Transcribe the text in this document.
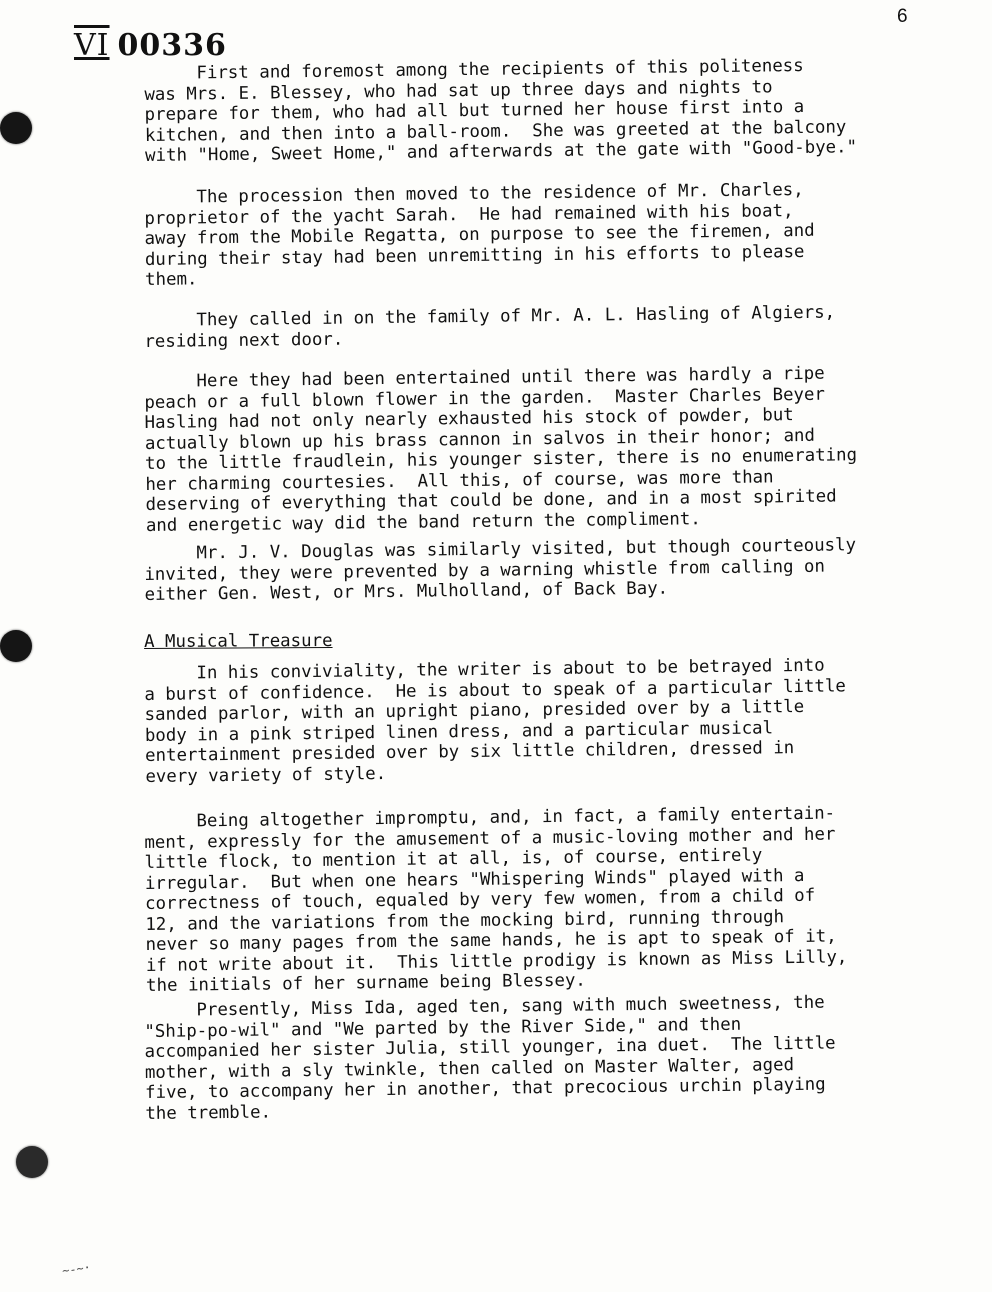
6
VI 00336
First and foremost among the recipients of this politeness
was Mrs. E. Blessey, who had sat up three days and nights to
prepare for them, who had all but turned her house first into a
kitchen, and then into a ball-room.  She was greeted at the balcony
with "Home, Sweet Home," and afterwards at the gate with "Good-bye."
The procession then moved to the residence of Mr. Charles,
proprietor of the yacht Sarah.  He had remained with his boat,
away from the Mobile Regatta, on purpose to see the firemen, and
during their stay had been unremitting in his efforts to please
them.
They called in on the family of Mr. A. L. Hasling of Algiers,
residing next door.
Here they had been entertained until there was hardly a ripe
peach or a full blown flower in the garden.  Master Charles Beyer
Hasling had not only nearly exhausted his stock of powder, but
actually blown up his brass cannon in salvos in their honor; and
to the little fraudlein, his younger sister, there is no enumerating
her charming courtesies.  All this, of course, was more than
deserving of everything that could be done, and in a most spirited
and energetic way did the band return the compliment.
Mr. J. V. Douglas was similarly visited, but though courteously
invited, they were prevented by a warning whistle from calling on
either Gen. West, or Mrs. Mulholland, of Back Bay.
A Musical Treasure
In his conviviality, the writer is about to be betrayed into
a burst of confidence.  He is about to speak of a particular little
sanded parlor, with an upright piano, presided over by a little
body in a pink striped linen dress, and a particular musical
entertainment presided over by six little children, dressed in
every variety of style.
Being altogether impromptu, and, in fact, a family entertain-
ment, expressly for the amusement of a music-loving mother and her
little flock, to mention it at all, is, of course, entirely
irregular.  But when one hears "Whispering Winds" played with a
correctness of touch, equaled by very few women, from a child of
12, and the variations from the mocking bird, running through
never so many pages from the same hands, he is apt to speak of it,
if not write about it.  This little prodigy is known as Miss Lilly,
the initials of her surname being Blessey.
Presently, Miss Ida, aged ten, sang with much sweetness, the
"Ship-po-wil" and "We parted by the River Side," and then
accompanied her sister Julia, still younger, ina duet.  The little
mother, with a sly twinkle, then called on Master Walter, aged
five, to accompany her in another, that precocious urchin playing
the tremble.
~-~·
